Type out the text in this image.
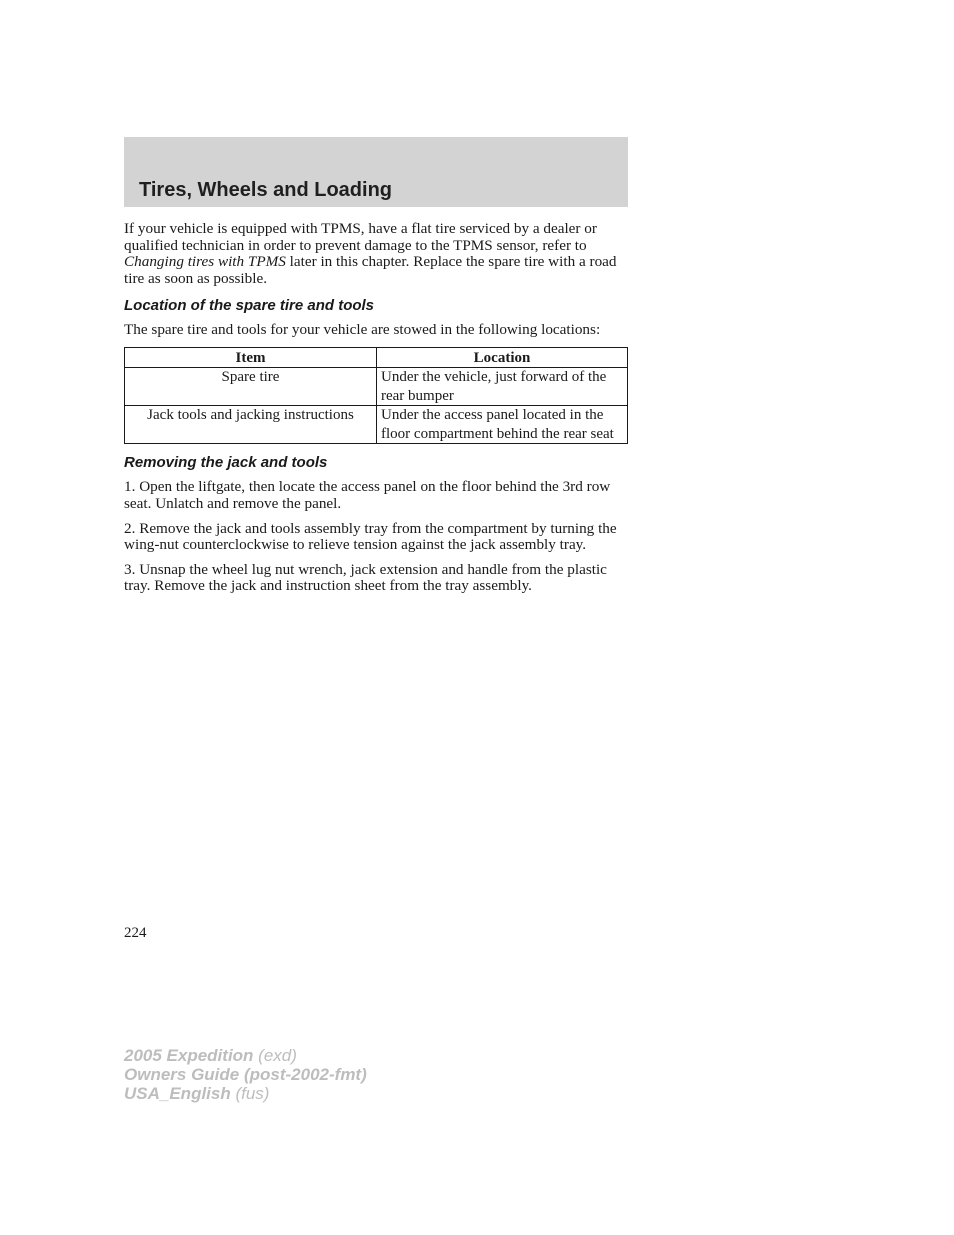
Tires, Wheels and Loading

If your vehicle is equipped with TPMS, have a flat tire serviced by a dealer or qualified technician in order to prevent damage to the TPMS sensor, refer to Changing tires with TPMS later in this chapter. Replace the spare tire with a road tire as soon as possible.

Location of the spare tire and tools

The spare tire and tools for your vehicle are stowed in the following locations:

Item	Location
Spare tire	Under the vehicle, just forward of the rear bumper
Jack tools and jacking instructions	Under the access panel located in the floor compartment behind the rear seat
Removing the jack and tools

1. Open the liftgate, then locate the access panel on the floor behind the 3rd row seat. Unlatch and remove the panel.

2. Remove the jack and tools assembly tray from the compartment by turning the wing-nut counterclockwise to relieve tension against the jack assembly tray.

3. Unsnap the wheel lug nut wrench, jack extension and handle from the plastic tray. Remove the jack and instruction sheet from the tray assembly.

224
2005 Expedition (exd)
Owners Guide (post-2002-fmt)
USA_English (fus)
